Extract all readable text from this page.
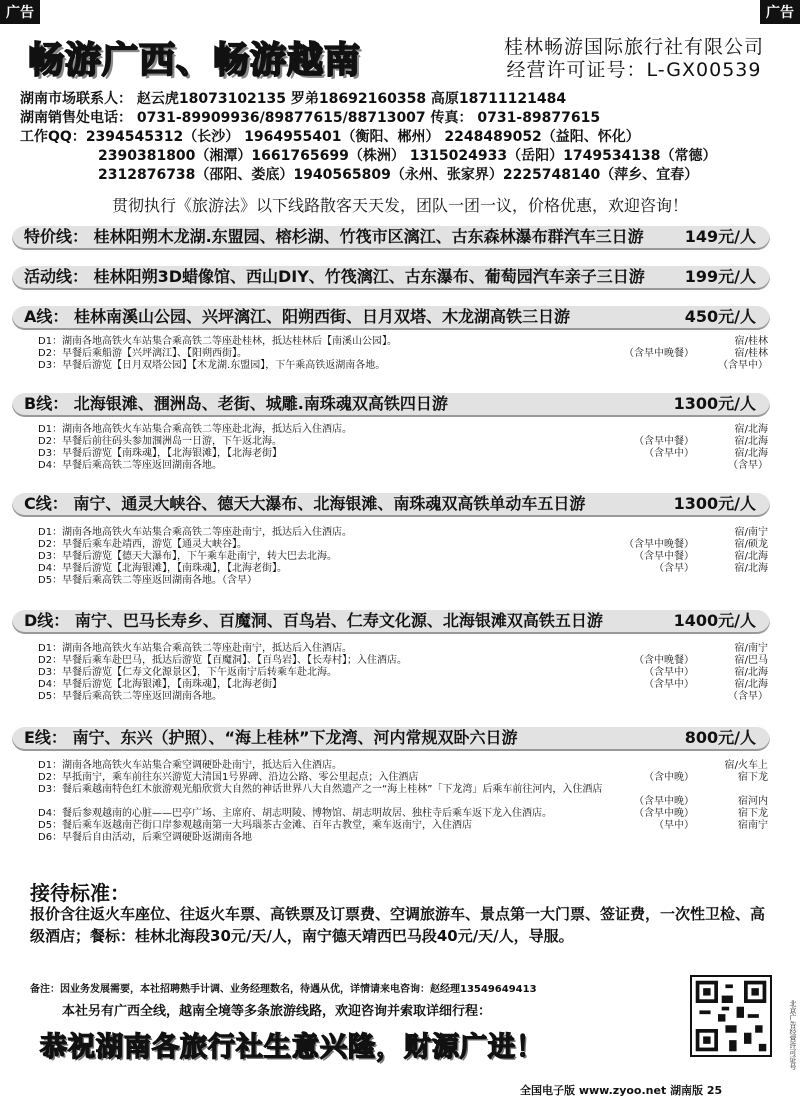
广告	广告
畅游广西、畅游越南	桂林畅游国际旅行社有限公司
经营许可证号：L-GX00539
湖南市场联系人： 赵云虎18073102135 罗弟18692160358 高原18711121484
湖南销售处电话： 0731-89909936/89877615/88713007 传真： 0731-89877615
工作QQ：2394545312（长沙） 1964955401（衡阳、郴州） 2248489052（益阳、怀化）
2390381800（湘潭）1661765699（株洲） 1315024933（岳阳）1749534138（常德）
2312876738（邵阳、娄底）1940565809（永州、张家界）2225748140（萍乡、宜春）
贯彻执行《旅游法》以下线路散客天天发，团队一团一议，价格优惠，欢迎咨询！
特价线： 桂林阳朔木龙湖.东盟园、榕杉湖、竹筏市区漓江、古东森林瀑布群汽车三日游	149元/人
活动线： 桂林阳朔3D蜡像馆、西山DIY、竹筏漓江、古东瀑布、葡萄园汽车亲子三日游 199元/人
A线： 桂林南溪山公园、兴坪漓江、阳朔西街、日月双塔、木龙湖高铁三日游	450元/人
D1：湖南各地高铁火车站集合乘高铁二等座赴桂林，抵达桂林后【南溪山公园】。	宿/桂林
D2：早餐后乘船游【兴坪漓江】、【阳朔西街】。	（含早中晚餐）	宿/桂林
D3：早餐后游览【日月双塔公园】【木龙湖.东盟园】，下午乘高铁返湖南各地。	（含早中）
B线： 北海银滩、涠洲岛、老街、城雕.南珠魂双高铁四日游	1300元/人
D1：湖南各地高铁火车站集合乘高铁二等座赴北海，抵达后入住酒店。	宿/北海
D2：早餐后前往码头参加涠洲岛一日游，下午返北海。	（含早中餐）	宿/北海
D3：早餐后游览【南珠魂】，【北海银滩】，【北海老街】	（含早中）	宿/北海
D4：早餐后乘高铁二等座返回湖南各地。	（含早）
C线： 南宁、通灵大峡谷、德天大瀑布、北海银滩、南珠魂双高铁单动车五日游	1300元/人
D1：湖南各地高铁火车站集合乘高铁二等座赴南宁，抵达后入住酒店。	宿/南宁
D2：早餐后乘车赴靖西，游览【通灵大峡谷】。	（含早中晚餐）	宿/硕龙
D3：早餐后游览【德天大瀑布】，下午乘车赴南宁，转大巴去北海。	（含早中餐）	宿/北海
D4：早餐后游览【北海银滩】，【南珠魂】，【北海老街】。	（含早）	宿/北海
D5：早餐后乘高铁二等座返回湖南各地。（含早）
D线： 南宁、巴马长寿乡、百魔洞、百鸟岩、仁寿文化源、北海银滩双高铁五日游	1400元/人
D1：湖南各地高铁火车站集合乘高铁二等座赴南宁，抵达后入住酒店。	宿/南宁
D2：早餐后乘车赴巴马，抵达后游览【百魔洞】、【百鸟岩】、【长寿村】；入住酒店。	（含中晚餐）	宿/巴马
D3：早餐后游览【仁寿文化源景区】，下午返南宁后转乘车赴北海。	（含早中）	宿/北海
D4：早餐后游览【北海银滩】，【南珠魂】，【北海老街】	（含早中）	宿/北海
D5：早餐后乘高铁二等座返回湖南各地。	（含早）
E线： 南宁、东兴（护照）、“海上桂林”下龙湾、河内常规双卧六日游	800元/人
D1：湖南各地高铁火车站集合乘空调硬卧赴南宁，抵达后入住酒店。	宿/火车上
D2：早抵南宁，乘车前往东兴游览大清国1号界碑、沿边公路、零公里起点；入住酒店	（含中晚）	宿下龙
D3：餐后乘越南特色红木旅游观光船欣赏大自然的神话世界八大自然遗产之一“海上桂林”「下龙湾」后乘车前往河内，入住酒店
（含早中晚）	宿河内
D4：餐后参观越南的心脏——巴亭广场、主席府、胡志明陵、博物馆、胡志明故居、独柱寺后乘车返下龙入住酒店。	（含早中晚）	宿下龙
D5：餐后乘车返越南芒街口岸参观越南第一大玛瑙茶古金滩、百年古教堂，乘车返南宁，入住酒店	（早中）	宿南宁
D6：早餐后自由活动，后乘空调硬卧返湖南各地
接待标准：
报价含往返火车座位、往返火车票、高铁票及订票费、空调旅游车、景点第一大门票、签证费，一次性卫检、高级酒店；餐标：桂林北海段30元/天/人，南宁德天靖西巴马段40元/天/人，导服。
备注：因业务发展需要，本社招聘熟手计调、业务经理数名，待遇从优，详情请来电咨询：赵经理13549649413
本社另有广西全线，越南全境等多条旅游线路，欢迎咨询并索取详细行程：
恭祝湖南各旅行社生意兴隆，财源广进！
全国电子版 www.zyoo.net 湖南版 25
北京广告经营许可证号
